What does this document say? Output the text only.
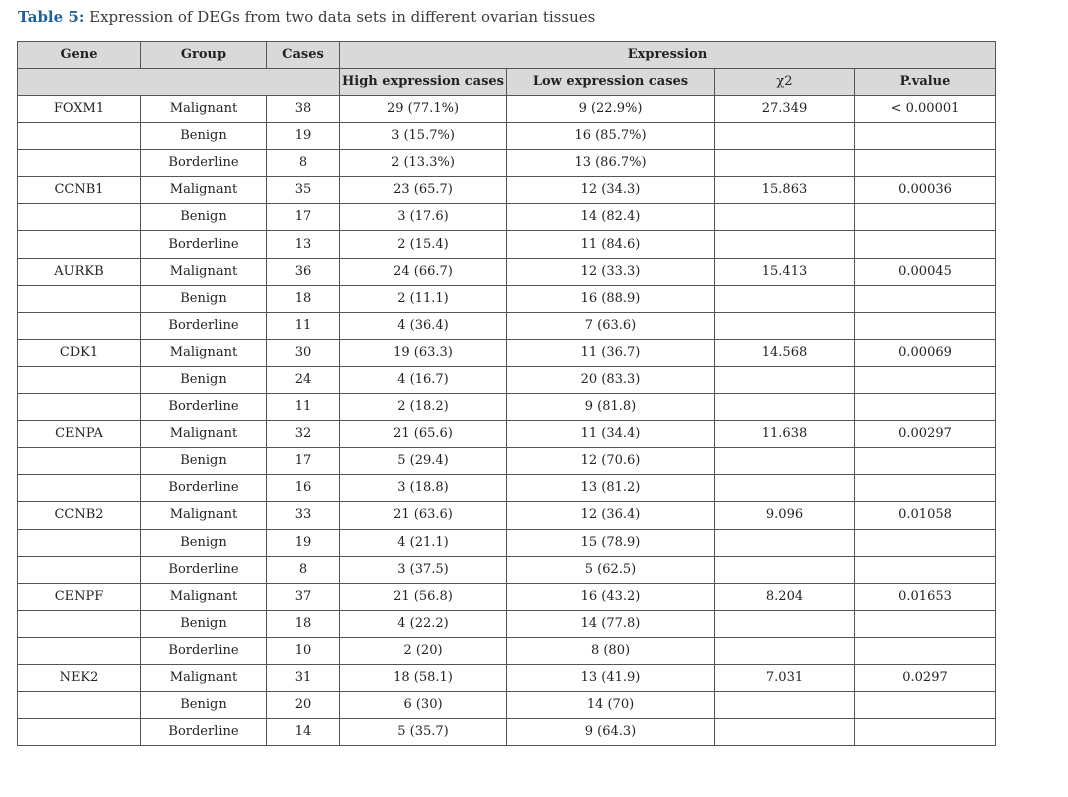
Table 5: Expression of DEGs from two data sets in different ovarian tissues
Gene	Group	Cases	Expression			
			High expression cases	Low expression cases	χ2	P.value
FOXM1	Malignant	38	29 (77.1%)	9 (22.9%)	27.349	< 0.00001
	Benign	19	3 (15.7%)	16 (85.7%)		
	Borderline	8	2 (13.3%)	13 (86.7%)		
CCNB1	Malignant	35	23 (65.7)	12 (34.3)	15.863	0.00036
	Benign	17	3 (17.6)	14 (82.4)		
	Borderline	13	2 (15.4)	11 (84.6)		
AURKB	Malignant	36	24 (66.7)	12 (33.3)	15.413	0.00045
	Benign	18	2 (11.1)	16 (88.9)		
	Borderline	11	4 (36.4)	7 (63.6)		
CDK1	Malignant	30	19 (63.3)	11 (36.7)	14.568	0.00069
	Benign	24	4 (16.7)	20 (83.3)		
	Borderline	11	2 (18.2)	9 (81.8)		
CENPA	Malignant	32	21 (65.6)	11 (34.4)	11.638	0.00297
	Benign	17	5 (29.4)	12 (70.6)		
	Borderline	16	3 (18.8)	13 (81.2)		
CCNB2	Malignant	33	21 (63.6)	12 (36.4)	9.096	0.01058
	Benign	19	4 (21.1)	15 (78.9)		
	Borderline	8	3 (37.5)	5 (62.5)		
CENPF	Malignant	37	21 (56.8)	16 (43.2)	8.204	0.01653
	Benign	18	4 (22.2)	14 (77.8)		
	Borderline	10	2 (20)	8 (80)		
NEK2	Malignant	31	18 (58.1)	13 (41.9)	7.031	0.0297
	Benign	20	6 (30)	14 (70)		
	Borderline	14	5 (35.7)	9 (64.3)		
